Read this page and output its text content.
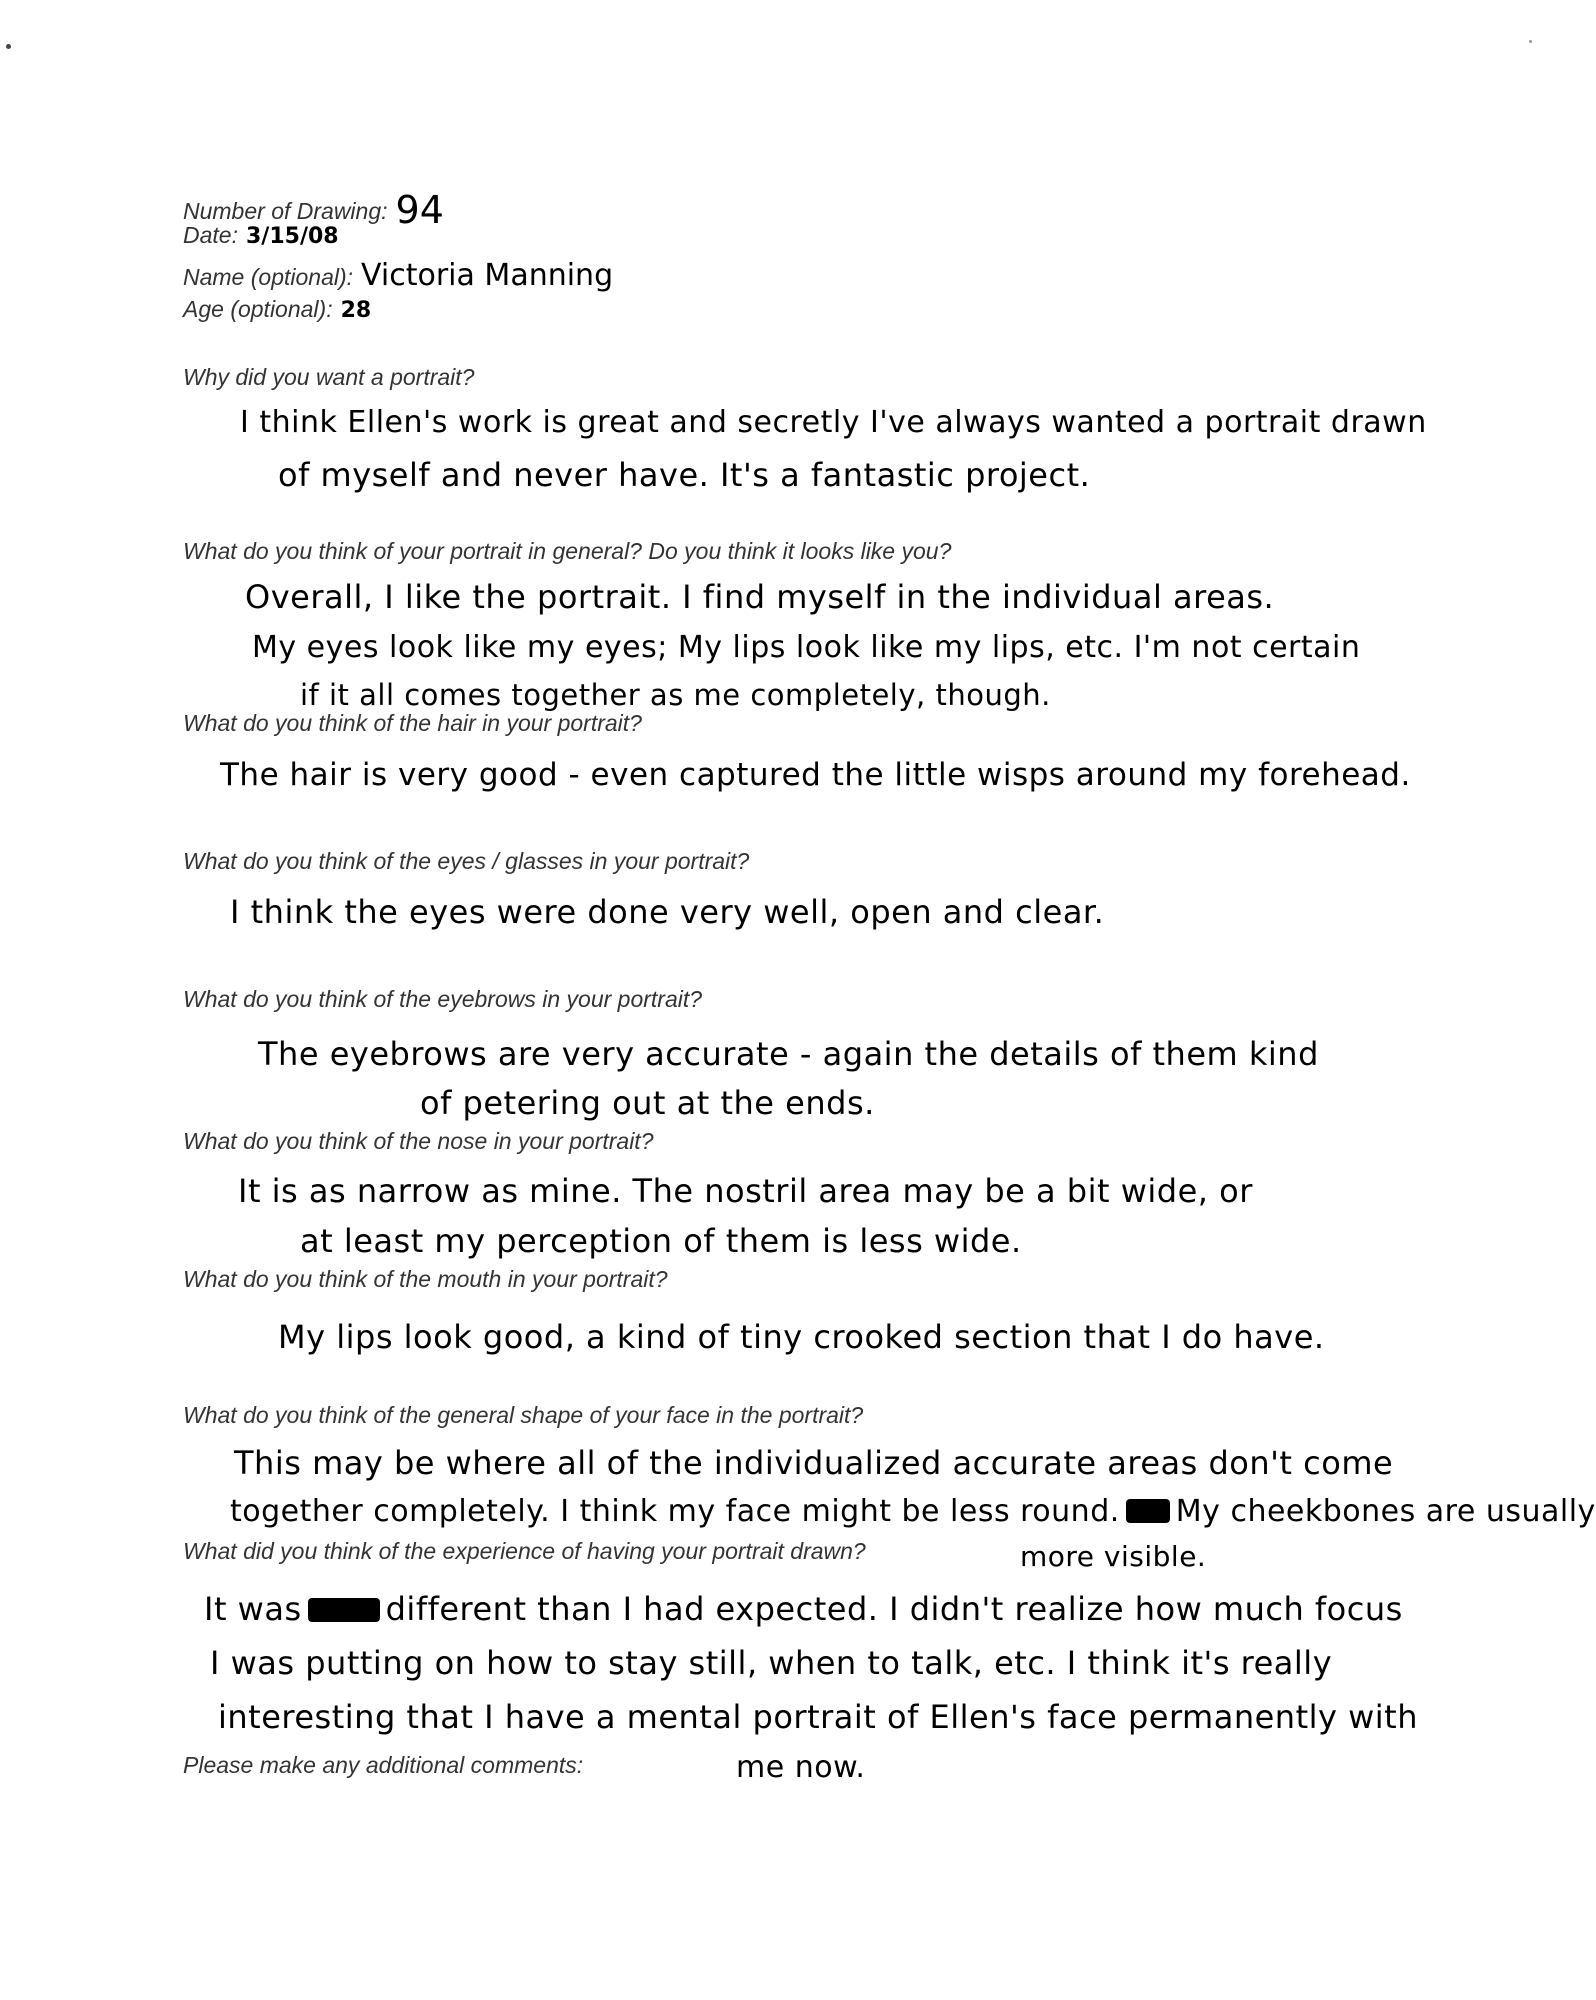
Number of Drawing: 94
Date: 3/15/08
Name (optional): Victoria Manning
Age (optional): 28
Why did you want a portrait?
I think Ellen's work is great and secretly I've always wanted a portrait drawn
of myself and never have. It's a fantastic project.
What do you think of your portrait in general? Do you think it looks like you?
Overall, I like the portrait. I find myself in the individual areas.
My eyes look like my eyes; My lips look like my lips, etc. I'm not certain
if it all comes together as me completely, though.
What do you think of the hair in your portrait?
The hair is very good - even captured the little wisps around my forehead.
What do you think of the eyes / glasses in your portrait?
I think the eyes were done very well, open and clear.
What do you think of the eyebrows in your portrait?
The eyebrows are very accurate - again the details of them kind
of petering out at the ends.
What do you think of the nose in your portrait?
It is as narrow as mine. The nostril area may be a bit wide, or
at least my perception of them is less wide.
What do you think of the mouth in your portrait?
My lips look good, a kind of tiny crooked section that I do have.
What do you think of the general shape of your face in the portrait?
This may be where all of the individualized accurate areas don't come
together completely. I think my face might be less round. My cheekbones are usually
more visible.
What did you think of the experience of having your portrait drawn?
It was	different than I had expected. I didn't realize how much focus
I was putting on how to stay still, when to talk, etc. I think it's really
interesting that I have a mental portrait of Ellen's face permanently with
me now.
Please make any additional comments:
